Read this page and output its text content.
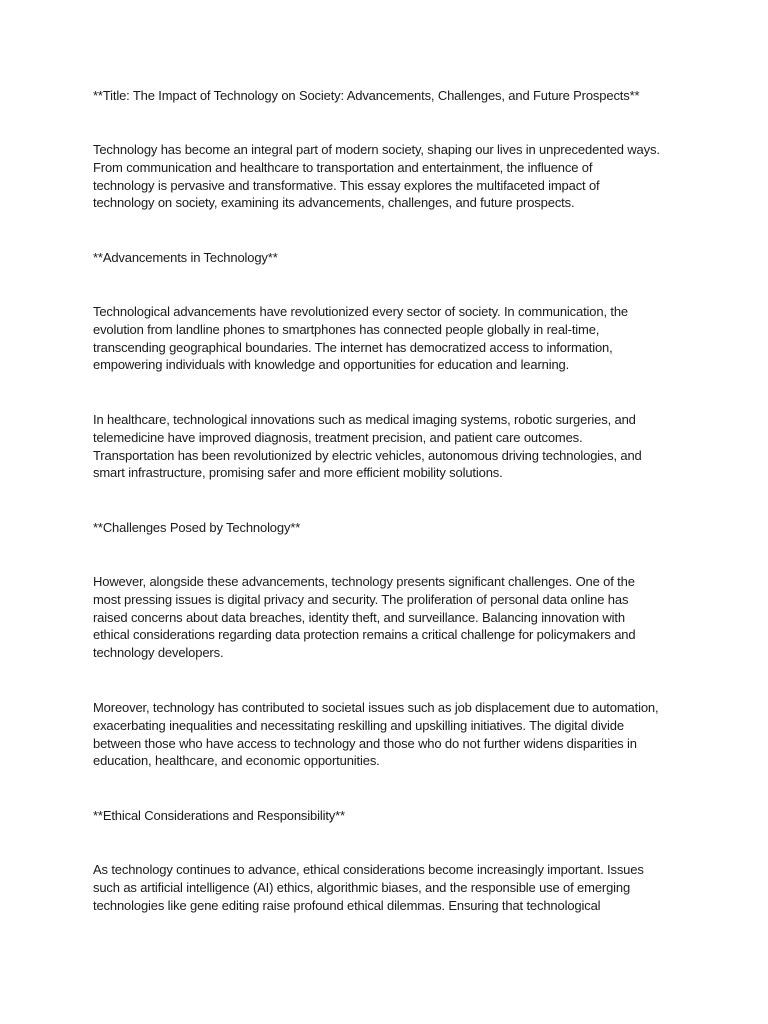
**Title: The Impact of Technology on Society: Advancements, Challenges, and Future Prospects**

Technology has become an integral part of modern society, shaping our lives in unprecedented ways.
From communication and healthcare to transportation and entertainment, the influence of
technology is pervasive and transformative. This essay explores the multifaceted impact of
technology on society, examining its advancements, challenges, and future prospects.

**Advancements in Technology**

Technological advancements have revolutionized every sector of society. In communication, the
evolution from landline phones to smartphones has connected people globally in real-time,
transcending geographical boundaries. The internet has democratized access to information,
empowering individuals with knowledge and opportunities for education and learning.

In healthcare, technological innovations such as medical imaging systems, robotic surgeries, and
telemedicine have improved diagnosis, treatment precision, and patient care outcomes.
Transportation has been revolutionized by electric vehicles, autonomous driving technologies, and
smart infrastructure, promising safer and more efficient mobility solutions.

**Challenges Posed by Technology**

However, alongside these advancements, technology presents significant challenges. One of the
most pressing issues is digital privacy and security. The proliferation of personal data online has
raised concerns about data breaches, identity theft, and surveillance. Balancing innovation with
ethical considerations regarding data protection remains a critical challenge for policymakers and
technology developers.

Moreover, technology has contributed to societal issues such as job displacement due to automation,
exacerbating inequalities and necessitating reskilling and upskilling initiatives. The digital divide
between those who have access to technology and those who do not further widens disparities in
education, healthcare, and economic opportunities.

**Ethical Considerations and Responsibility**

As technology continues to advance, ethical considerations become increasingly important. Issues
such as artificial intelligence (AI) ethics, algorithmic biases, and the responsible use of emerging
technologies like gene editing raise profound ethical dilemmas. Ensuring that technological
